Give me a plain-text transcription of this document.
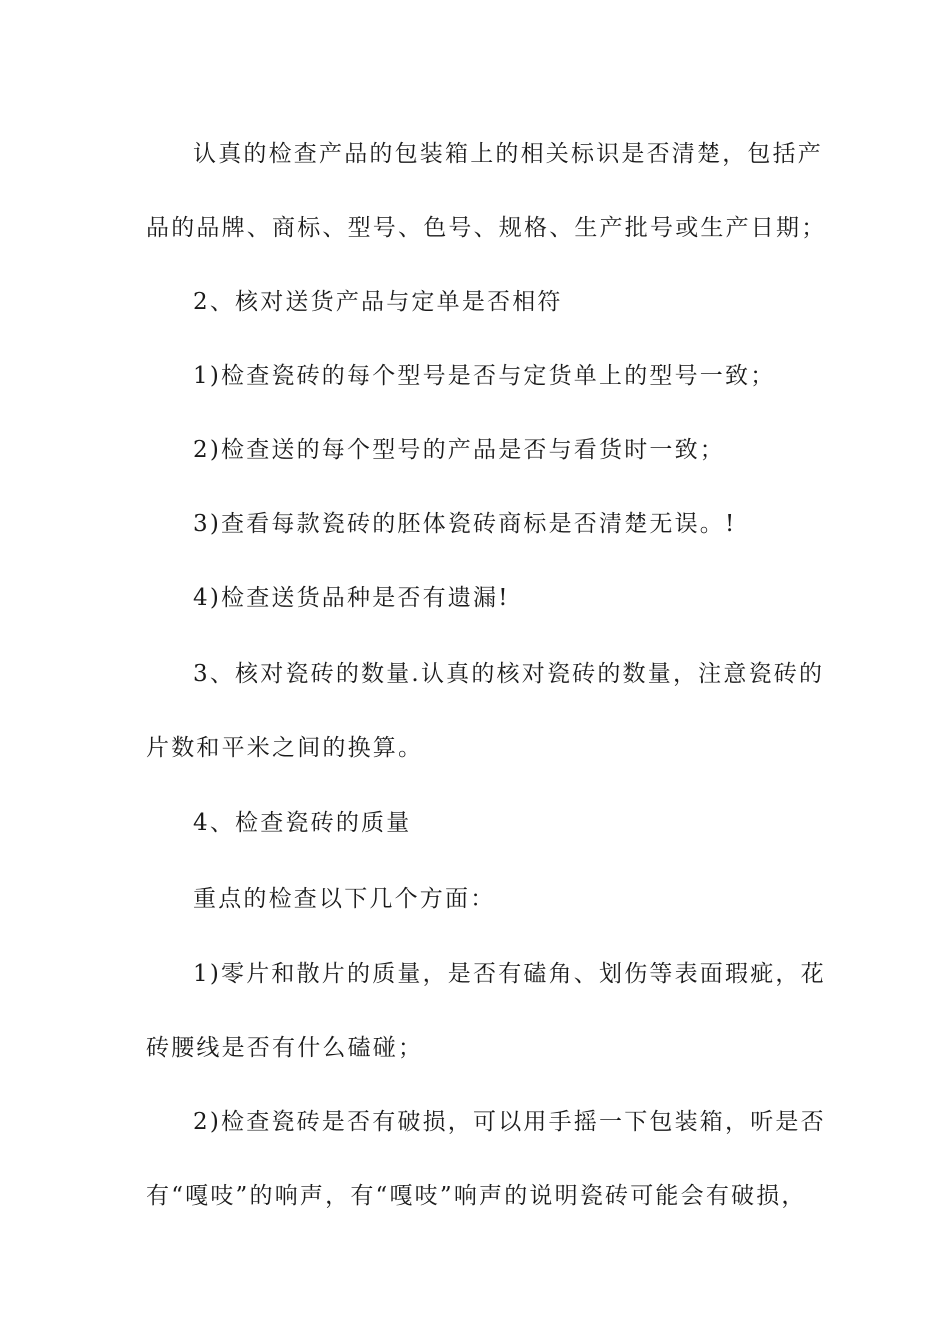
认真的检查产品的包装箱上的相关标识是否清楚，包括产
品的品牌、商标、型号、色号、规格、生产批号或生产日期；
2、核对送货产品与定单是否相符
1)检查瓷砖的每个型号是否与定货单上的型号一致；
2)检查送的每个型号的产品是否与看货时一致；
3)查看每款瓷砖的胚体瓷砖商标是否清楚无误。!
4)检查送货品种是否有遗漏!
3、核对瓷砖的数量.认真的核对瓷砖的数量，注意瓷砖的
片数和平米之间的换算。
4、检查瓷砖的质量
重点的检查以下几个方面：
1)零片和散片的质量，是否有磕角、划伤等表面瑕疵，花
砖腰线是否有什么磕碰；
2)检查瓷砖是否有破损，可以用手摇一下包装箱，听是否
有“嘎吱”的响声，有“嘎吱”响声的说明瓷砖可能会有破损，
